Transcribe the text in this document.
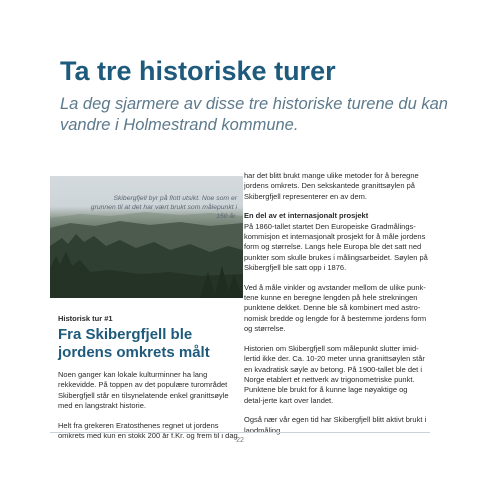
Ta tre historiske turer
La deg sjarmere av disse tre historiske turene du kan vandre i Holmestrand kommune.
Skibergfjell byr på flott utsikt. Noe som er grunnen til at det har vært brukt som målepunkt i 150 år.

Historisk tur #1

Fra Skibergfjell ble jordens omkrets målt

Noen ganger kan lokale kulturminner ha lang rekkevidde. På toppen av det populære turområdet Skibergfjell står en tilsynelatende enkel granittsøyle med en langstrakt historie.

Helt fra grekeren Eratosthenes regnet ut jordens omkrets med kun en stokk 200 år f.Kr. og frem til i dag

har det blitt brukt mange ulike metoder for å beregne jordens omkrets. Den sekskantede granittsøylen på Skibergfjell representerer en av dem.

En del av et internasjonalt prosjekt
På 1860-tallet startet Den Europeiske Gradmålings-kommisjon et internasjonalt prosjekt for å måle jordens form og størrelse. Langs hele Europa ble det satt ned punkter som skulle brukes i målingsarbeidet. Søylen på Skibergfjell ble satt opp i 1876.

Ved å måle vinkler og avstander mellom de ulike punk-tene kunne en beregne lengden på hele strekningen punktene dekket. Denne ble så kombinert med astro-nomisk bredde og lengde for å bestemme jordens form og størrelse.

Historien om Skibergfjell som målepunkt slutter imid-lertid ikke der. Ca. 10-20 meter unna granittsøylen står en kvadratisk søyle av betong. På 1900-tallet ble det i Norge etablert et nettverk av trigonometriske punkt. Punktene ble brukt for å kunne lage nøyaktige og detal-jerte kart over landet.

Også nær vår egen tid har Skibergfjell blitt aktivt brukt i landmåling.

22
